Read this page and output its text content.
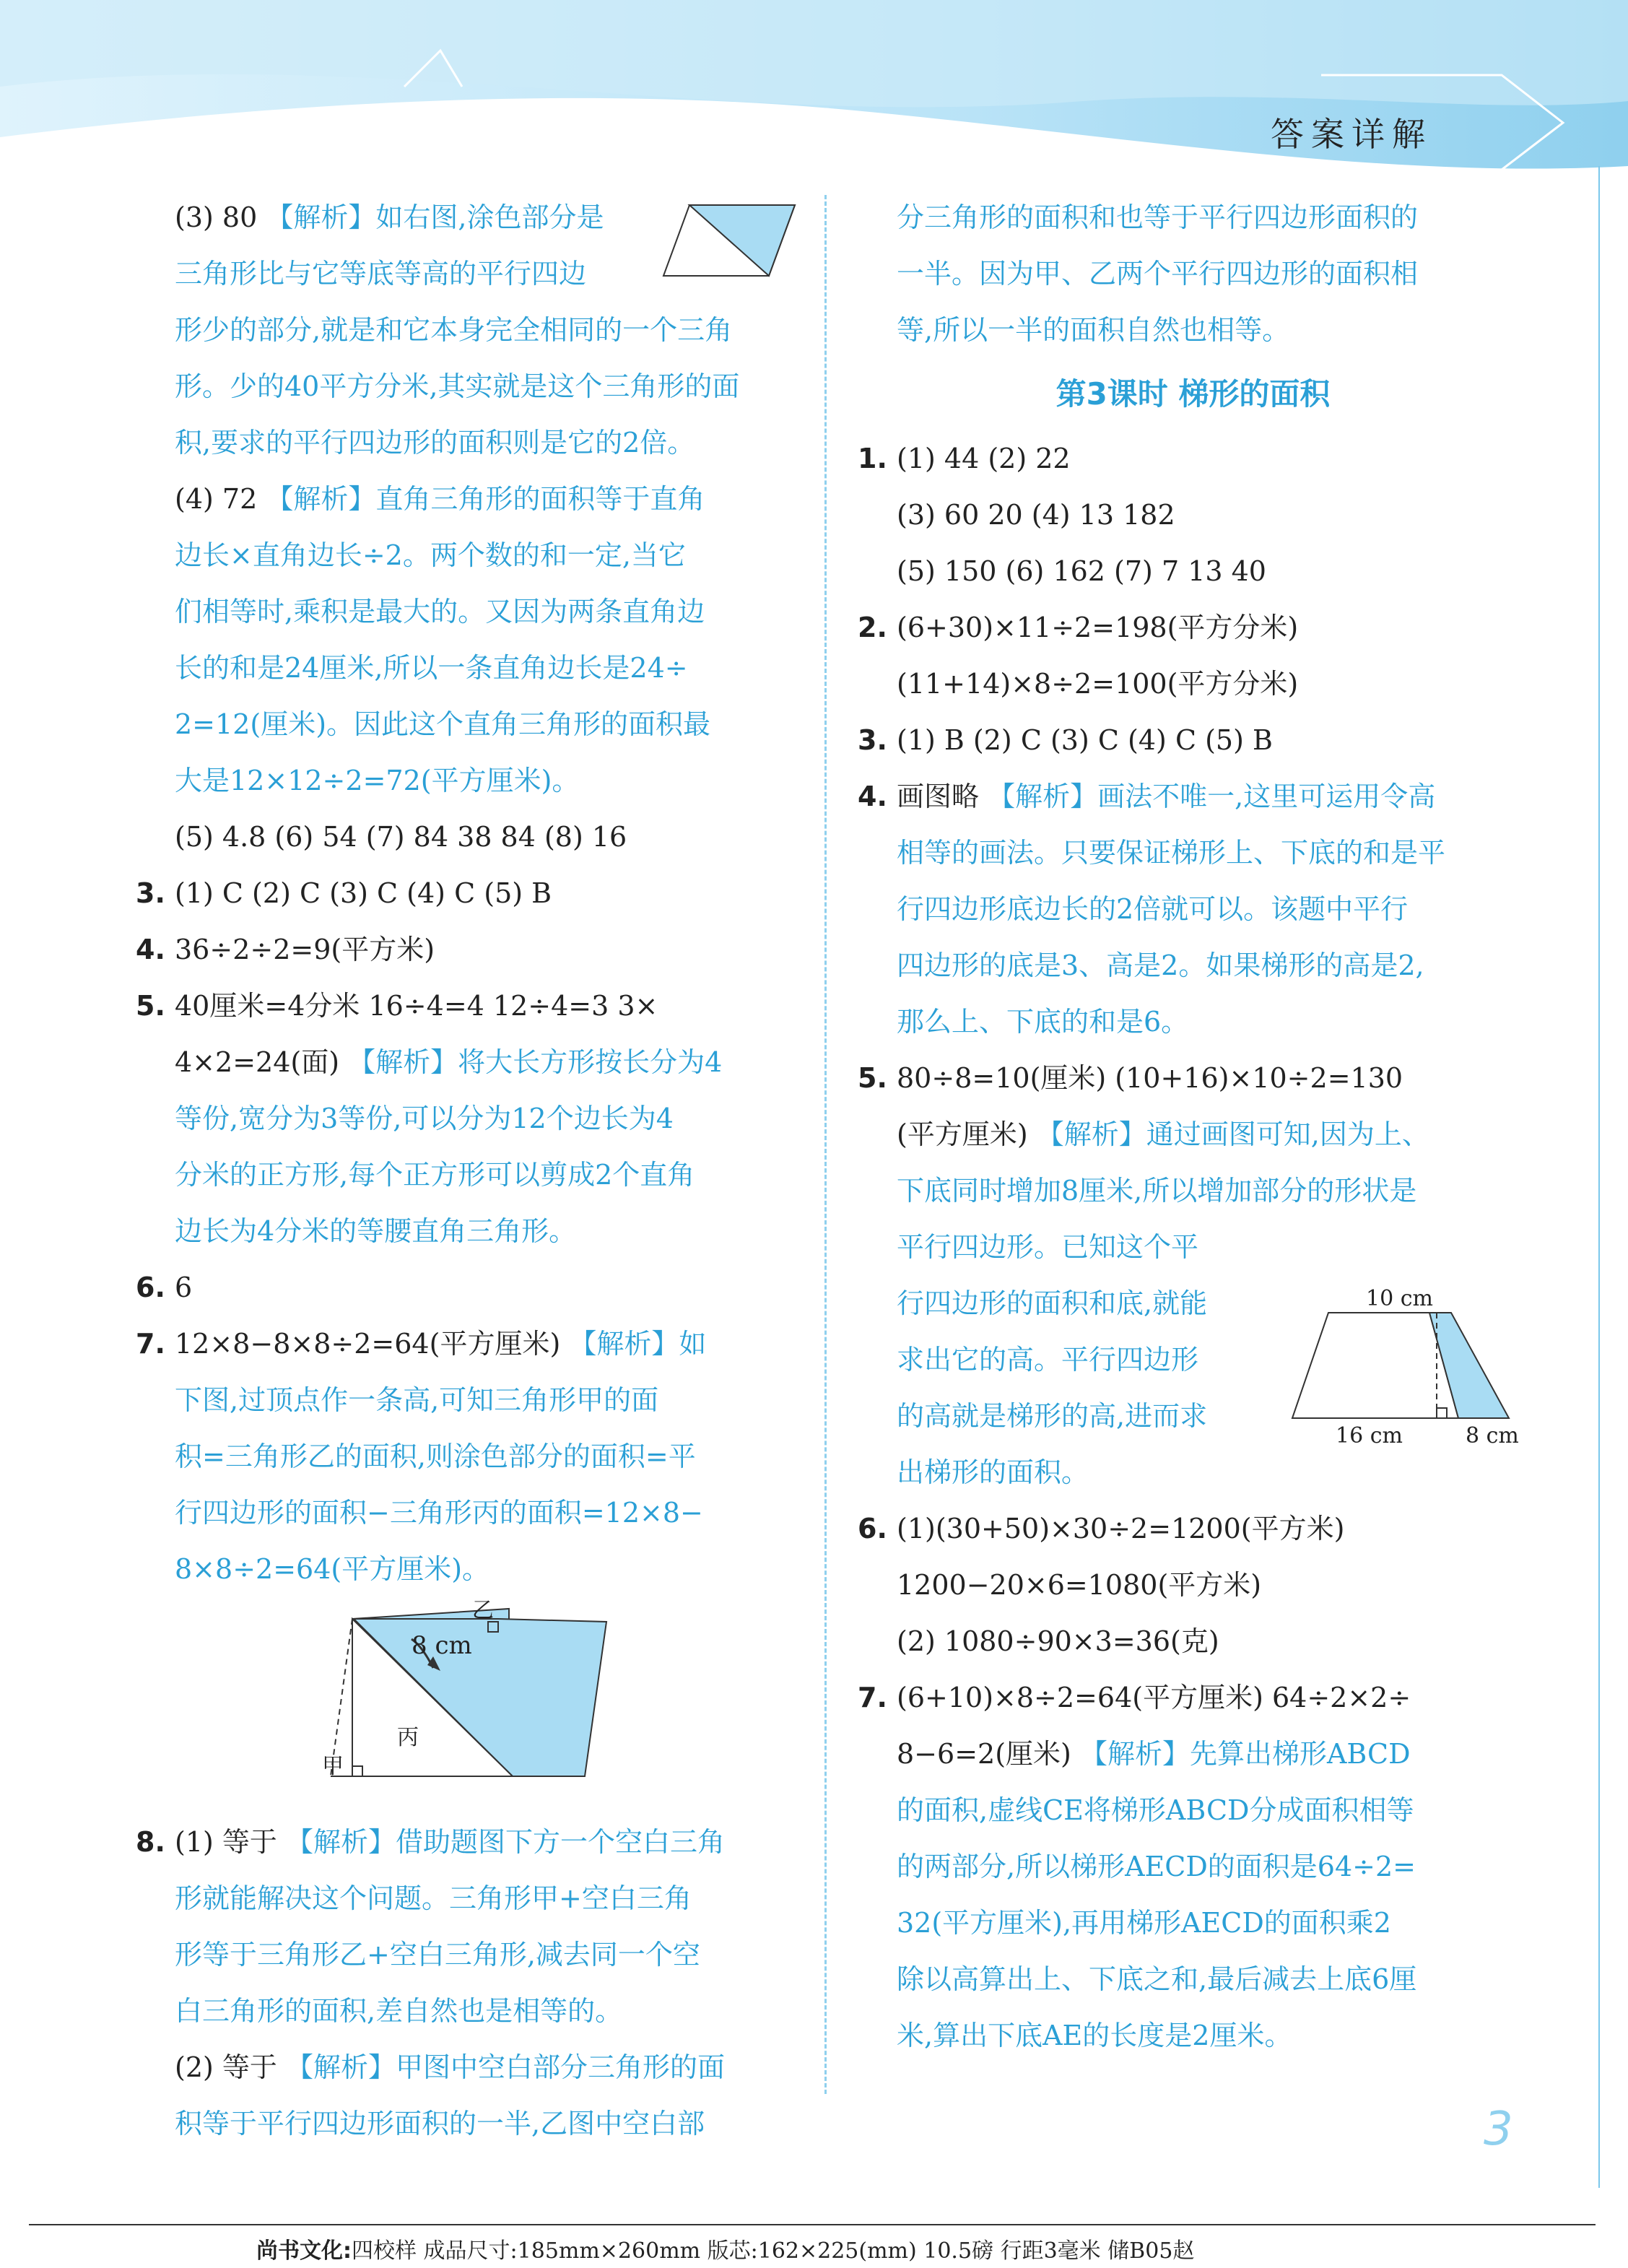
答案详解
(3) 80 【解析】如右图,涂色部分是
三角形比与它等底等高的平行四边
形少的部分,就是和它本身完全相同的一个三角
形。少的40平方分米,其实就是这个三角形的面
积,要求的平行四边形的面积则是它的2倍。
(4) 72 【解析】直角三角形的面积等于直角
边长×直角边长÷2。两个数的和一定,当它
们相等时,乘积是最大的。又因为两条直角边
长的和是24厘米,所以一条直角边长是24÷
2=12(厘米)。因此这个直角三角形的面积最
大是12×12÷2=72(平方厘米)。
(5) 4.8 (6) 54 (7) 84 38 84 (8) 16
3. (1) C (2) C (3) C (4) C (5) B
4. 36÷2÷2=9(平方米)
5. 40厘米=4分米 16÷4=4 12÷4=3 3×
4×2=24(面) 【解析】将大长方形按长分为4
等份,宽分为3等份,可以分为12个边长为4
分米的正方形,每个正方形可以剪成2个直角
边长为4分米的等腰直角三角形。
6. 6
7. 12×8−8×8÷2=64(平方厘米) 【解析】如
下图,过顶点作一条高,可知三角形甲的面
积=三角形乙的面积,则涂色部分的面积=平
行四边形的面积−三角形丙的面积=12×8−
8×8÷2=64(平方厘米)。
8. (1) 等于 【解析】借助题图下方一个空白三角
形就能解决这个问题。三角形甲+空白三角
形等于三角形乙+空白三角形,减去同一个空
白三角形的面积,差自然也是相等的。
(2) 等于 【解析】甲图中空白部分三角形的面
积等于平行四边形面积的一半,乙图中空白部
乙
8 cm
丙
甲
分三角形的面积和也等于平行四边形面积的
一半。因为甲、乙两个平行四边形的面积相
等,所以一半的面积自然也相等。
第3课时 梯形的面积
1. (1) 44 (2) 22
(3) 60 20 (4) 13 182
(5) 150 (6) 162 (7) 7 13 40
2. (6+30)×11÷2=198(平方分米)
(11+14)×8÷2=100(平方分米)
3. (1) B (2) C (3) C (4) C (5) B
4. 画图略 【解析】画法不唯一,这里可运用令高
相等的画法。只要保证梯形上、下底的和是平
行四边形底边长的2倍就可以。该题中平行
四边形的底是3、高是2。如果梯形的高是2,
那么上、下底的和是6。
5. 80÷8=10(厘米) (10+16)×10÷2=130
(平方厘米) 【解析】通过画图可知,因为上、
下底同时增加8厘米,所以增加部分的形状是
平行四边形。已知这个平
行四边形的面积和底,就能
求出它的高。平行四边形
的高就是梯形的高,进而求
出梯形的面积。
6. (1)(30+50)×30÷2=1200(平方米)
1200−20×6=1080(平方米)
(2) 1080÷90×3=36(克)
7. (6+10)×8÷2=64(平方厘米) 64÷2×2÷
8−6=2(厘米) 【解析】先算出梯形ABCD
的面积,虚线CE将梯形ABCD分成面积相等
的两部分,所以梯形AECD的面积是64÷2=
32(平方厘米),再用梯形AECD的面积乘2
除以高算出上、下底之和,最后减去上底6厘
米,算出下底AE的长度是2厘米。
10 cm
16 cm	8 cm
3
尚书文化:四校样 成品尺寸:185mm×260mm 版芯:162×225(mm) 10.5磅 行距3毫米 储B05赵
